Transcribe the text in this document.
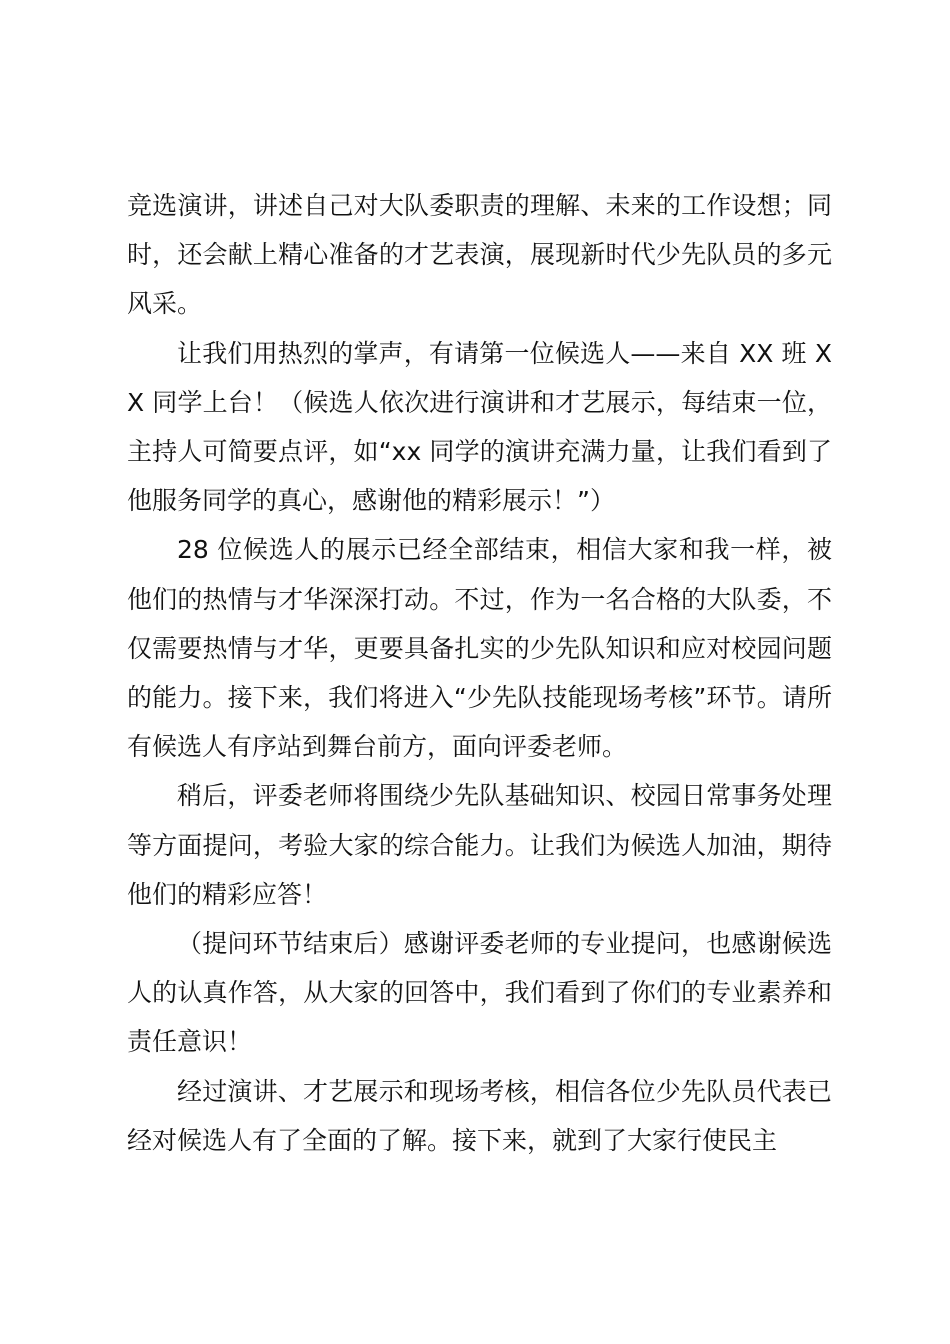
竞选演讲，讲述自己对大队委职责的理解、未来的工作设想；同时，还会献上精心准备的才艺表演，展现新时代少先队员的多元风采。

让我们用热烈的掌声，有请第一位候选人——来自 XX 班 XX 同学上台！（候选人依次进行演讲和才艺展示，每结束一位，主持人可简要点评，如“xx 同学的演讲充满力量，让我们看到了他服务同学的真心，感谢他的精彩展示！”）

28 位候选人的展示已经全部结束，相信大家和我一样，被他们的热情与才华深深打动。不过，作为一名合格的大队委，不仅需要热情与才华，更要具备扎实的少先队知识和应对校园问题的能力。接下来，我们将进入“少先队技能现场考核”环节。请所有候选人有序站到舞台前方，面向评委老师。

稍后，评委老师将围绕少先队基础知识、校园日常事务处理等方面提问，考验大家的综合能力。让我们为候选人加油，期待他们的精彩应答！

（提问环节结束后）感谢评委老师的专业提问，也感谢候选人的认真作答，从大家的回答中，我们看到了你们的专业素养和责任意识！

经过演讲、才艺展示和现场考核，相信各位少先队员代表已经对候选人有了全面的了解。接下来，就到了大家行使民主
